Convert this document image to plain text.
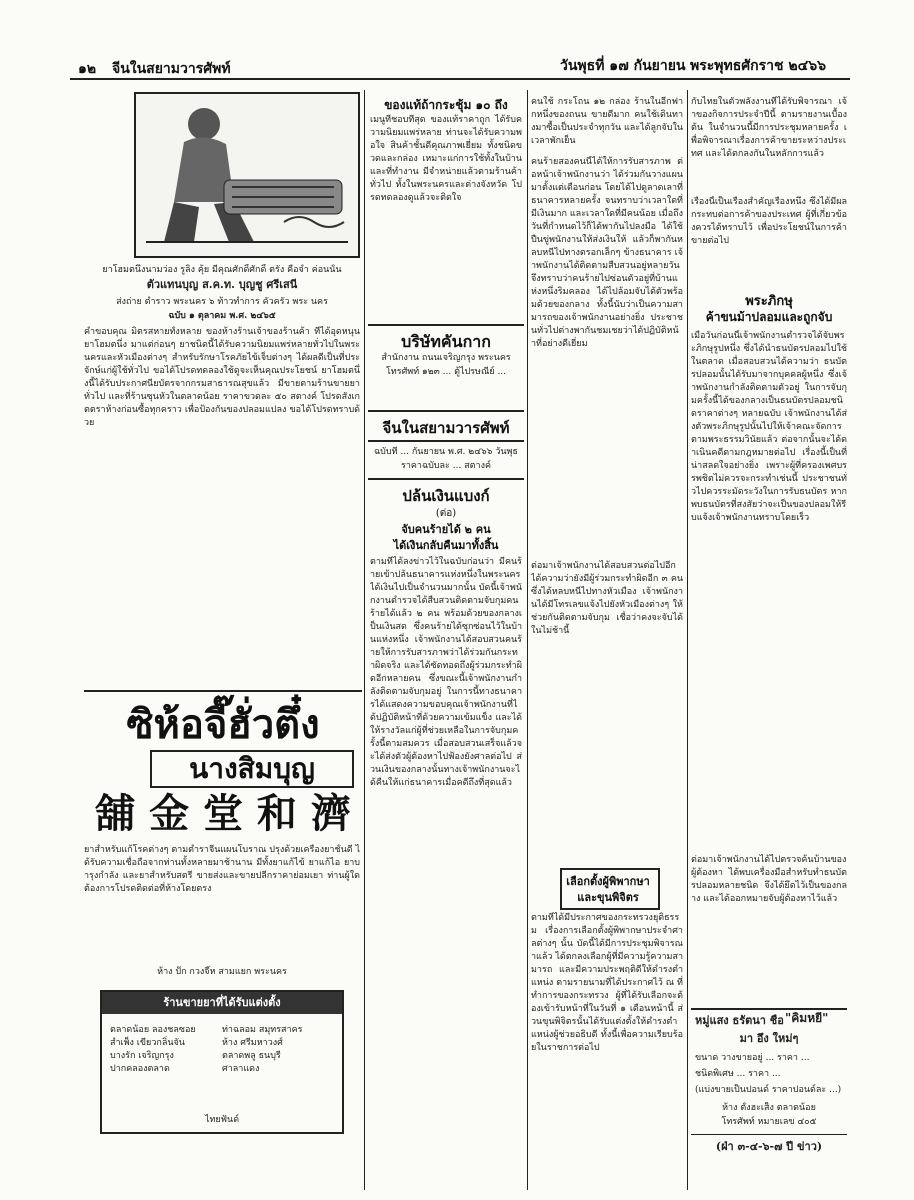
๑๒ จีนในสยามวารศัพท์	วันพุธที่ ๑๗ กันยายน พระพุทธศักราช ๒๔๖๖
ยาโฮมตนึ่งนามว่อง รูลิง คุ้ย มีคุณศักดิ์ศักดิ์ ตรัง คือจำ ค่อนนั้น
ตัวแทนบุญ ส.ค.ท. บุญชู ศรีเสนี
ส่งถ่าย ตำราว พระนคร ๖ ท้าวทำการ คัวครัว พระ นคร
ฉบับ ๑ ตุลาคม พ.ศ. ๒๔๖๕
คำขอบคุณ มิตรสหายทั้งหลาย ของห้างร้านเจ้าของร้านค้า ที่ได้อุดหนุนยาโฮมตนึ่ง มาแต่ก่อนๆ ยาชนิดนี้ได้รับความนิยมแพร่หลายทั่วไปในพระนครและหัวเมืองต่างๆ สำหรับรักษาโรคภัยไข้เจ็บต่างๆ ได้ผลดีเป็นที่ประจักษ์แก่ผู้ใช้ทั่วไป ขอได้โปรดทดลองใช้ดูจะเห็นคุณประโยชน์ ยาโฮมตนึ่งนี้ได้รับประกาศนียบัตรจากกรมสาธารณสุขแล้ว มีขายตามร้านขายยาทั่วไป และที่ร้านซุนหัวในตลาดน้อย ราคาขวดละ ๕๐ สตางค์ โปรดสังเกตตราห้างก่อนซื้อทุกคราว เพื่อป้องกันของปลอมแปลง ขอได้โปรดทราบด้วย
ซิห้อจี๊ฮั่วตึ๋ง
นางสิมบุญ
舖 金 堂 和 濟
ยาสำหรับแก้โรคต่างๆ ตามตำราจีนแผนโบราณ ปรุงด้วยเครื่องยาชั้นดี ได้รับความเชื่อถือจากท่านทั้งหลายมาช้านาน มีทั้งยาแก้ไข้ ยาแก้ไอ ยาบำรุงกำลัง และยาสำหรับสตรี ขายส่งและขายปลีกราคาย่อมเยา ท่านผู้ใดต้องการโปรดติดต่อที่ห้างโดยตรง
ห้าง ปั๊ก กวงจี๊ห สามแยก พระนคร
ร้านขายยาที่ได้รับแต่งตั้ง
ตลาดน้อย ลองชลซอย
สำเพ็ง เขียวกลิ่นจัน
บางรัก เจริญกรุง
ปากคลองตลาด
ท่าฉลอม สมุทรสาคร
ห้าง ศรีมหาวงศ์
ตลาดพลู ธนบุรี
ศาลาแดง
ไทยฟันด์
ของแท้ถ้ากระชุ้ม ๑๐ ถึง
เมนูที่ชอบที่สุด ของแท้ราคาถูก ได้รับความนิยมแพร่หลาย ท่านจะได้รับความพอใจ สินค้าชั้นดีคุณภาพเยี่ยม ทั้งชนิดขวดและกล่อง เหมาะแก่การใช้ทั้งในบ้านและที่ทำงาน มีจำหน่ายแล้วตามร้านค้าทั่วไป ทั้งในพระนครและต่างจังหวัด โปรดทดลองดูแล้วจะติดใจ
บริษัทคันกาก
สำนักงาน ถนนเจริญกรุง พระนคร
โทรศัพท์ ๑๒๓ ... ตู้ไปรษณีย์ ...
จีนในสยามวารศัพท์
ฉบับที่ ... กันยายน พ.ศ. ๒๔๖๖ วันพุธ
ราคาฉบับละ ... สตางค์
ปล้นเงินแบงก์
(ต่อ)
จับคนร้ายได้ ๒ คน
ได้เงินกลับคืนมาทั้งสิ้น
ตามที่ได้ลงข่าวไว้ในฉบับก่อนว่า มีคนร้ายเข้าปล้นธนาคารแห่งหนึ่งในพระนคร ได้เงินไปเป็นจำนวนมากนั้น บัดนี้เจ้าพนักงานตำรวจได้สืบสวนติดตามจับกุมคนร้ายได้แล้ว ๒ คน พร้อมด้วยของกลางเป็นเงินสด ซึ่งคนร้ายได้ซุกซ่อนไว้ในบ้านแห่งหนึ่ง เจ้าพนักงานได้สอบสวนคนร้ายให้การรับสารภาพว่าได้ร่วมกันกระทำผิดจริง และได้ซัดทอดถึงผู้ร่วมกระทำผิดอีกหลายคน ซึ่งขณะนี้เจ้าพนักงานกำลังติดตามจับกุมอยู่ ในการนี้ทางธนาคารได้แสดงความขอบคุณเจ้าพนักงานที่ได้ปฏิบัติหน้าที่ด้วยความเข้มแข็ง และได้ให้รางวัลแก่ผู้ที่ช่วยเหลือในการจับกุมครั้งนี้ตามสมควร เมื่อสอบสวนเสร็จแล้วจะได้ส่งตัวผู้ต้องหาไปฟ้องยังศาลต่อไป ส่วนเงินของกลางนั้นทางเจ้าพนักงานจะได้คืนให้แก่ธนาคารเมื่อคดีถึงที่สุดแล้ว
คนใช้ กระโถน ๑๒ กล่อง ร้านในอีกฟากหนึ่งของถนน ขายดีมาก คนใช้เดินทางมาซื้อเป็นประจำทุกวัน และได้ลูกจับในเวลาพักเย็น
คนร้ายสองคนนี้ได้ให้การรับสารภาพ ต่อหน้าเจ้าพนักงานว่า ได้ร่วมกันวางแผนมาตั้งแต่เดือนก่อน โดยได้ไปดูลาดเลาที่ธนาคารหลายครั้ง จนทราบว่าเวลาใดที่มีเงินมาก และเวลาใดที่มีคนน้อย เมื่อถึงวันที่กำหนดไว้ก็ได้พากันไปลงมือ ได้ใช้ปืนขู่พนักงานให้ส่งเงินให้ แล้วก็พากันหลบหนีไปทางตรอกเล็กๆ ข้างธนาคาร เจ้าพนักงานได้ติดตามสืบสวนอยู่หลายวัน จึงทราบว่าคนร้ายไปซ่อนตัวอยู่ที่บ้านแห่งหนึ่งริมคลอง ได้ไปล้อมจับได้ตัวพร้อมด้วยของกลาง ทั้งนี้นับว่าเป็นความสามารถของเจ้าพนักงานอย่างยิ่ง ประชาชนทั่วไปต่างพากันชมเชยว่าได้ปฏิบัติหน้าที่อย่างดีเยี่ยม
ต่อมาเจ้าพนักงานได้สอบสวนต่อไปอีก ได้ความว่ายังมีผู้ร่วมกระทำผิดอีก ๓ คน ซึ่งได้หลบหนีไปทางหัวเมือง เจ้าพนักงานได้มีโทรเลขแจ้งไปยังหัวเมืองต่างๆ ให้ช่วยกันติดตามจับกุม เชื่อว่าคงจะจับได้ในไม่ช้านี้
เลือกตั้งผู้พิพากษา
และขุนพิจิตร
ตามที่ได้มีประกาศของกระทรวงยุติธรรม เรื่องการเลือกตั้งผู้พิพากษาประจำศาลต่างๆ นั้น บัดนี้ได้มีการประชุมพิจารณาแล้ว ได้ตกลงเลือกผู้ที่มีความรู้ความสามารถ และมีความประพฤติดีให้ดำรงตำแหน่ง ตามรายนามที่ได้ประกาศไว้ ณ ที่ทำการของกระทรวง ผู้ที่ได้รับเลือกจะต้องเข้ารับหน้าที่ในวันที่ ๑ เดือนหน้านี้ ส่วนขุนพิจิตรนั้นได้รับแต่งตั้งให้ดำรงตำแหน่งผู้ช่วยอธิบดี ทั้งนี้เพื่อความเรียบร้อยในราชการต่อไป
กับไทยในตัวพลังงานที่ได้รับพิจารณา เจ้าของกิจการประจำปีนี้ ตามรายงานเบื้องต้น ในจำนวนนี้มีการประชุมหลายครั้ง เพื่อพิจารณาเรื่องการค้าขายระหว่างประเทศ และได้ตกลงกันในหลักการแล้ว
เรื่องนี้เป็นเรื่องสำคัญเรื่องหนึ่ง ซึ่งได้มีผลกระทบต่อการค้าของประเทศ ผู้ที่เกี่ยวข้องควรได้ทราบไว้ เพื่อประโยชน์ในการค้าขายต่อไป
พระภิกษุ
ค้าขนม้าปลอมและถูกจับ
เมื่อวันก่อนนี้เจ้าพนักงานตำรวจได้จับพระภิกษุรูปหนึ่ง ซึ่งได้นำธนบัตรปลอมไปใช้ในตลาด เมื่อสอบสวนได้ความว่า ธนบัตรปลอมนั้นได้รับมาจากบุคคลผู้หนึ่ง ซึ่งเจ้าพนักงานกำลังติดตามตัวอยู่ ในการจับกุมครั้งนี้ได้ของกลางเป็นธนบัตรปลอมชนิดราคาต่างๆ หลายฉบับ เจ้าพนักงานได้ส่งตัวพระภิกษุรูปนั้นไปให้เจ้าคณะจัดการตามพระธรรมวินัยแล้ว ต่อจากนั้นจะได้ดำเนินคดีตามกฎหมายต่อไป เรื่องนี้เป็นที่น่าสลดใจอย่างยิ่ง เพราะผู้ที่ครองเพศบรรพชิตไม่ควรจะกระทำเช่นนี้ ประชาชนทั่วไปควรระมัดระวังในการรับธนบัตร หากพบธนบัตรที่สงสัยว่าจะเป็นของปลอมให้รีบแจ้งเจ้าพนักงานทราบโดยเร็ว
ต่อมาเจ้าพนักงานได้ไปตรวจค้นบ้านของผู้ต้องหา ได้พบเครื่องมือสำหรับทำธนบัตรปลอมหลายชนิด จึงได้ยึดไว้เป็นของกลาง และได้ออกหมายจับผู้ต้องหาไว้แล้ว
หมู่แสง ธรัตนา ชื่อ "คิมหยี่"
มา อึ่ง ใหม่ๆ
ขนาด วางขายอยู่ ... ราคา ...
ชนิดพิเศษ ... ราคา ...
(แบ่งขายเป็นปอนด์ ราคาปอนด์ละ ...)
ห้าง ตั้งฮะเส็ง ตลาดน้อย
โทรศัพท์ หมายเลข ๔๐๕
(ฝ่า ๓-๔-๖-๗ ปี ข่าว)
